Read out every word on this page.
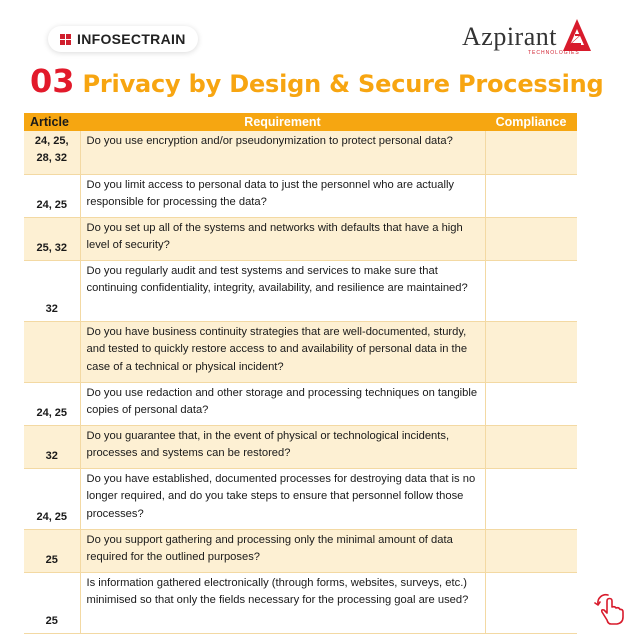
INFOSECTRAIN	Azpirant
TECHNOLOGIES
03 Privacy by Design & Secure Processing
Article	Requirement	Compliance
24, 25,
28, 32	Do you use encryption and/or pseudonymization to protect personal data?	
24, 25	Do you limit access to personal data to just the personnel who are actually responsible for processing the data?	
25, 32	Do you set up all of the systems and networks with defaults that have a high level of security?	
32	Do you regularly audit and test systems and services to make sure that continuing confidentiality, integrity, availability, and resilience are maintained?	
	Do you have business continuity strategies that are well-documented, sturdy, and tested to quickly restore access to and availability of personal data in the case of a technical or physical incident?	
24, 25	Do you use redaction and other storage and processing techniques on tangible copies of personal data?	
32	Do you guarantee that, in the event of physical or technological incidents, processes and systems can be restored?	
24, 25	Do you have established, documented processes for destroying data that is no longer required, and do you take steps to ensure that personnel follow those processes?	
25	Do you support gathering and processing only the minimal amount of data required for the outlined purposes?	
25	Is information gathered electronically (through forms, websites, surveys, etc.) minimised so that only the fields necessary for the processing goal are used?	
